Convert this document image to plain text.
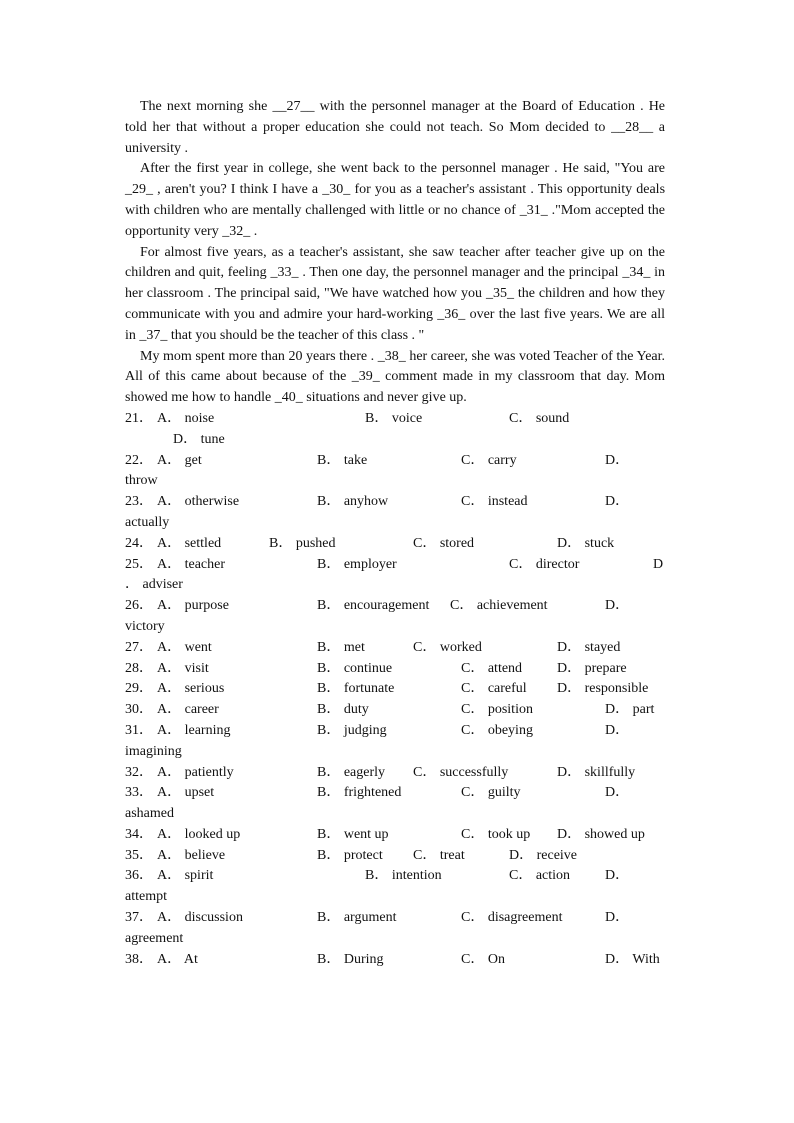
The next morning she __27__ with the personnel manager at the Board of Education . He told her that without a proper education she could not teach. So Mom decided to __28__ a university .

After the first year in college, she went back to the personnel manager . He said, "You are _29_ , aren't you? I think I have a _30_ for you as a teacher's assistant . This opportunity deals with children who are mentally challenged with little or no chance of _31_ ."Mom accepted the opportunity very _32_ .

For almost five years, as a teacher's assistant, she saw teacher after teacher give up on the children and quit, feeling _33_ . Then one day, the personnel manager and the principal _34_ in her classroom . The principal said, "We have watched how you _35_ the children and how they communicate with you and admire your hard-working _36_ over the last five years. We are all in _37_ that you should be the teacher of this class . "

My mom spent more than 20 years there . _38_ her career, she was voted Teacher of the Year. All of this came about because of the _39_ comment made in my classroom that day. Mom showed me how to handle _40_ situations and never give up.

21． A． noise	B． voice	C． sound
D． tune
22． A． get	B． take	C． carry	D．
throw
23． A． otherwise	B． anyhow	C． instead	D．
actually
24． A． settled	B． pushed	C． stored	D． stuck
25． A． teacher	B． employer	C． director	D
． adviser
26． A． purpose	B． encouragement C． achievement	D．
victory
27． A． went	B． met	C． worked	D． stayed
28． A． visit	B． continue	C． attend D． prepare
29． A． serious	B． fortunate	C． careful D． responsible
30． A． career	B． duty	C． position	D． part
31． A． learning	B． judging	C． obeying	D．
imagining
32． A． patiently	B． eagerly C． successfully	D． skillfully
33． A． upset	B． frightened	C． guilty	D．
ashamed
34． A． looked up	B． went up	C． took up D． showed up
35． A． believe	B． protect C． treat	D． receive
36． A． spirit	B． intention	C． action D．
attempt
37． A． discussion	B． argument	C． disagreement	D．
agreement
38． A． At	B． During	C． On	D． With
